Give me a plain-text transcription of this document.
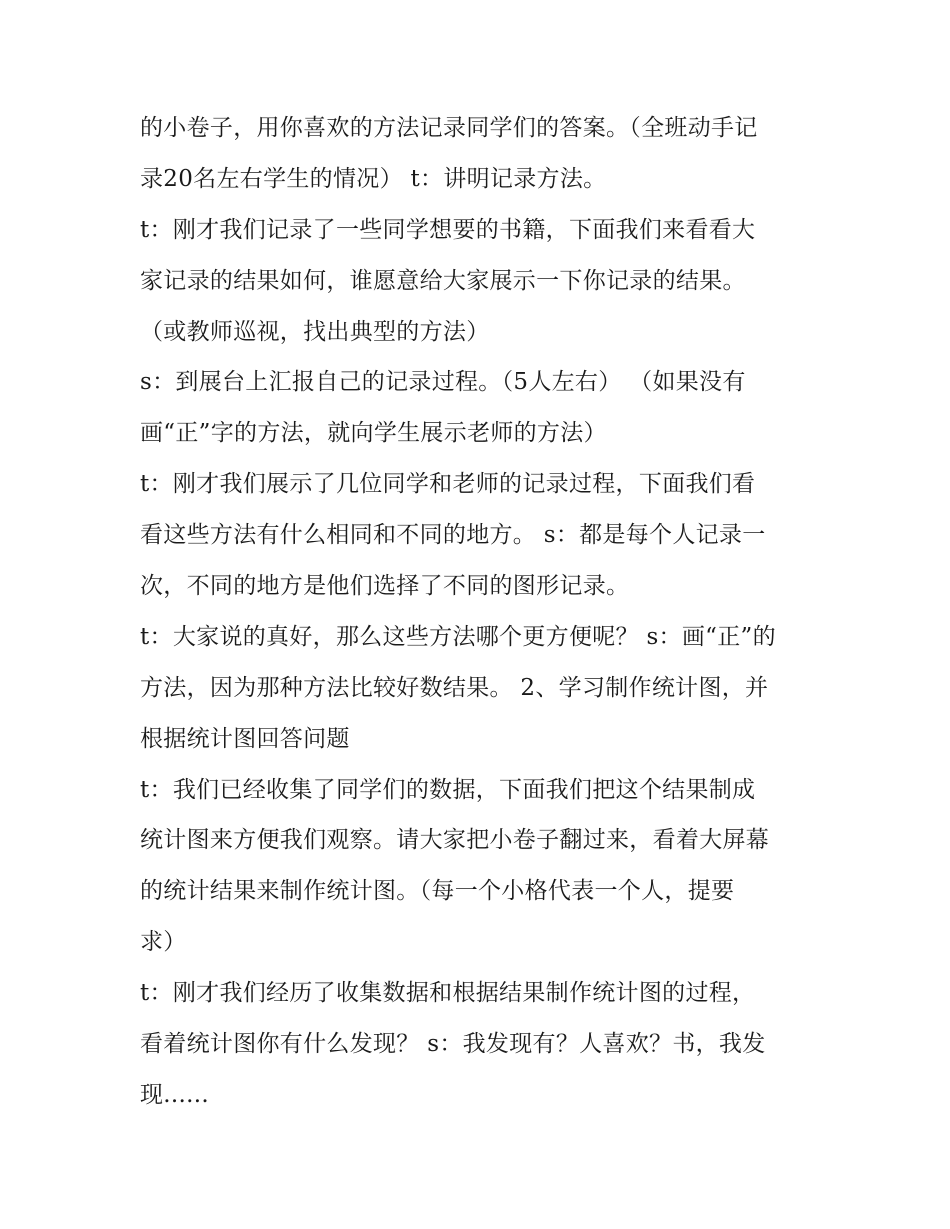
的小卷子，用你喜欢的方法记录同学们的答案。（全班动手记
录20名左右学生的情况） t：讲明记录方法。
t：刚才我们记录了一些同学想要的书籍，下面我们来看看大
家记录的结果如何，谁愿意给大家展示一下你记录的结果。
（或教师巡视，找出典型的方法）
s：到展台上汇报自己的记录过程。（5人左右） （如果没有
画“正”字的方法，就向学生展示老师的方法）
t：刚才我们展示了几位同学和老师的记录过程，下面我们看
看这些方法有什么相同和不同的地方。 s：都是每个人记录一
次，不同的地方是他们选择了不同的图形记录。
t：大家说的真好，那么这些方法哪个更方便呢？ s：画“正”的
方法，因为那种方法比较好数结果。 2、学习制作统计图，并
根据统计图回答问题
t：我们已经收集了同学们的数据，下面我们把这个结果制成
统计图来方便我们观察。请大家把小卷子翻过来，看着大屏幕
的统计结果来制作统计图。（每一个小格代表一个人，提要
求）
t：刚才我们经历了收集数据和根据结果制作统计图的过程，
看着统计图你有什么发现？ s：我发现有？人喜欢？书，我发
现......
